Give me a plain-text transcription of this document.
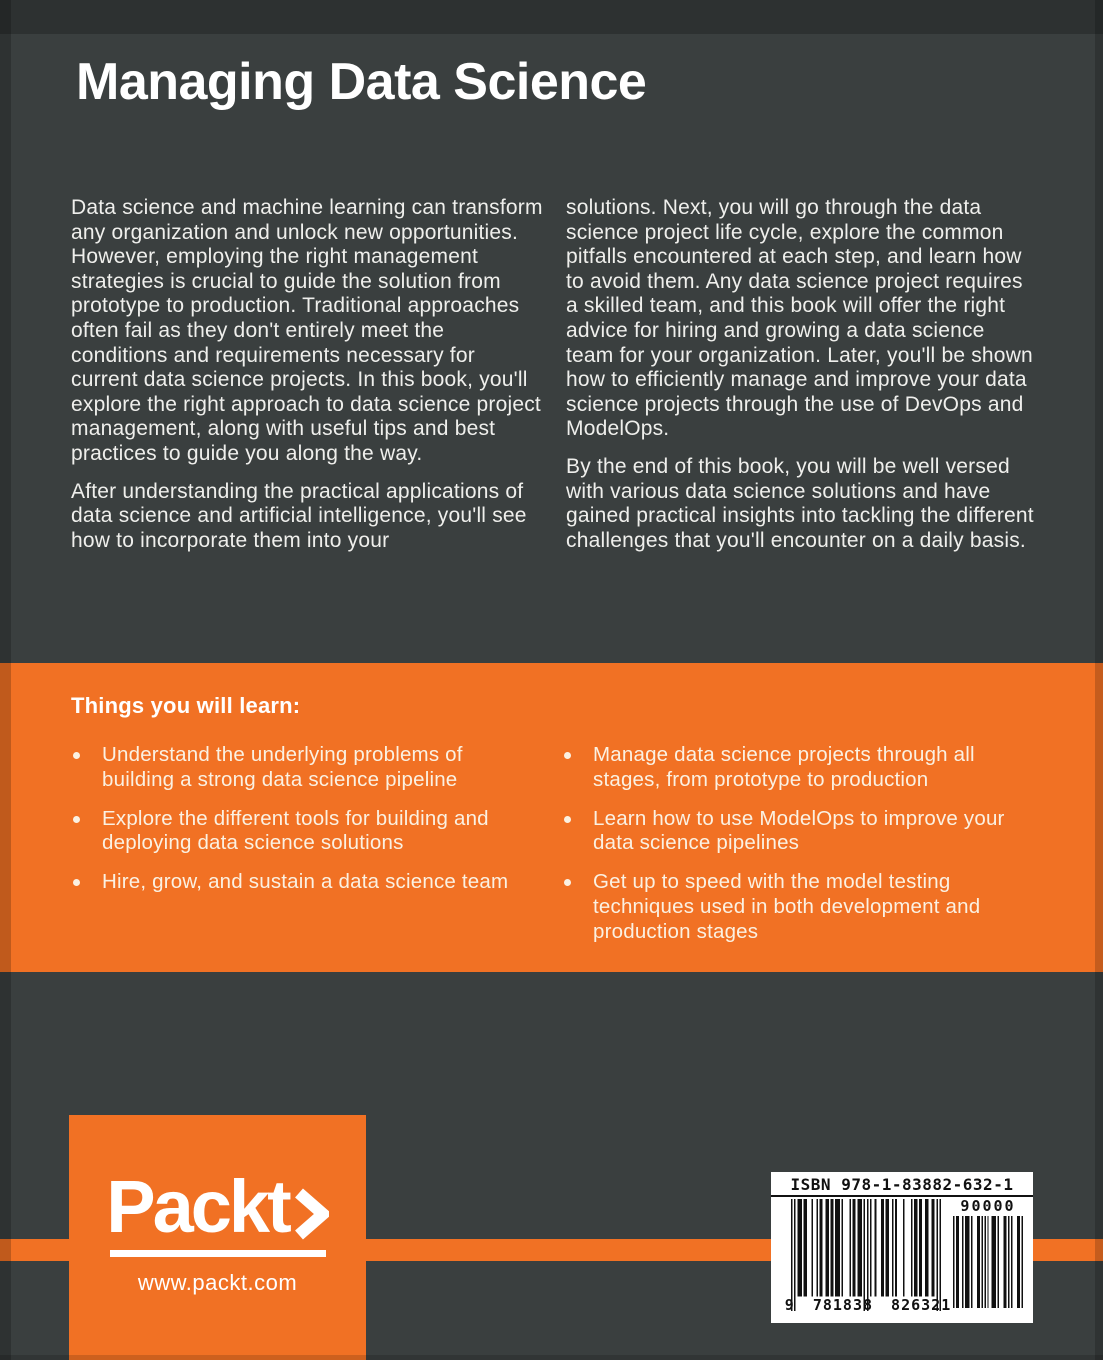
Managing Data Science

Data science and machine learning can transform any organization and unlock new opportunities. However, employing the right management strategies is crucial to guide the solution from prototype to production. Traditional approaches often fail as they don't entirely meet the conditions and requirements necessary for current data science projects. In this book, you'll explore the right approach to data science project management, along with useful tips and best practices to guide you along the way.

After understanding the practical applications of data science and artificial intelligence, you'll see how to incorporate them into your

solutions. Next, you will go through the data science project life cycle, explore the common pitfalls encountered at each step, and learn how to avoid them. Any data science project requires a skilled team, and this book will offer the right advice for hiring and growing a data science team for your organization. Later, you'll be shown how to efficiently manage and improve your data science projects through the use of DevOps and ModelOps.

By the end of this book, you will be well versed with various data science solutions and have gained practical insights into tackling the different challenges that you'll encounter on a daily basis.

Things you will learn:
Understand the underlying problems of building a strong data science pipeline
Explore the different tools for building and deploying data science solutions
Hire, grow, and sustain a data science team
Manage data science projects through all stages, from prototype to production
Learn how to use ModelOps to improve your data science pipelines
Get up to speed with the model testing techniques used in both development and production stages
Packt
www.packt.com
ISBN 978-1-83882-632-1
90000
9 781838 826321
